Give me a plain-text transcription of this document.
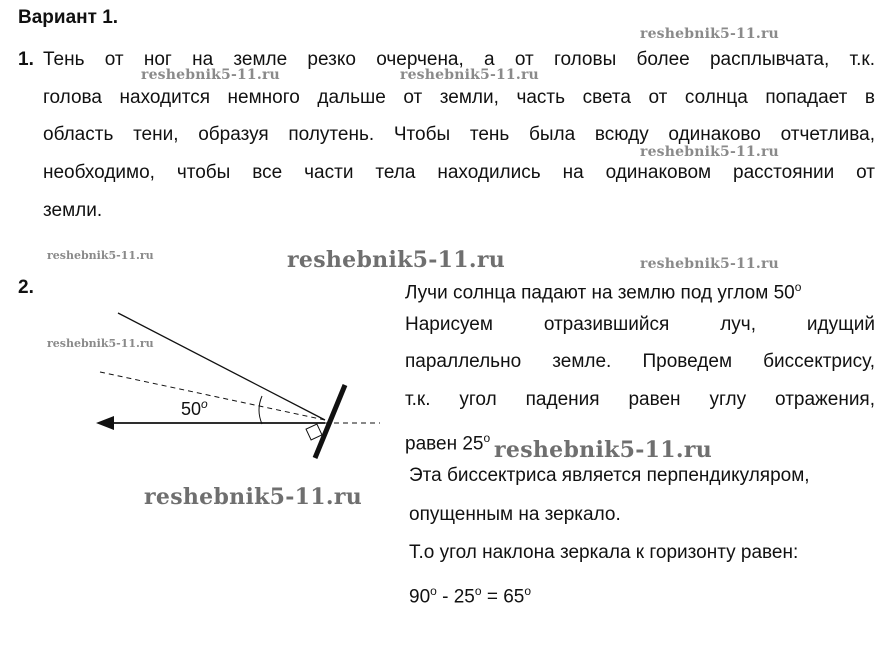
Вариант 1.
1. Тень от ног на земле резко очерчена, а от головы более расплывчата, т.к.
голова находится немного дальше от земли, часть света от солнца попадает в
область тени, образуя полутень. Чтобы тень была всюду одинаково отчетлива,
необходимо, чтобы все части тела находились на одинаковом расстоянии от
земли.
2.	Лучи солнца падают на землю под углом 50$^o$
Нарисуем отразившийся луч, идущий
параллельно земле. Проведем биссектрису,
т.к. угол падения равен углу отражения,
равен 25$^o$
Эта биссектриса является перпендикуляром,
опущенным на зеркало.
Т.о угол наклона зеркала к горизонту равен:
$90^o - 25^o = 65^o$
50$^o$
reshebnik5-11.ru
reshebnik5-11.ru	reshebnik5-11.ru
reshebnik5-11.ru
reshebnik5-11.ru	reshebnik5-11.ru	reshebnik5-11.ru
reshebnik5-11.ru
reshebnik5-11.ru
reshebnik5-11.ru
